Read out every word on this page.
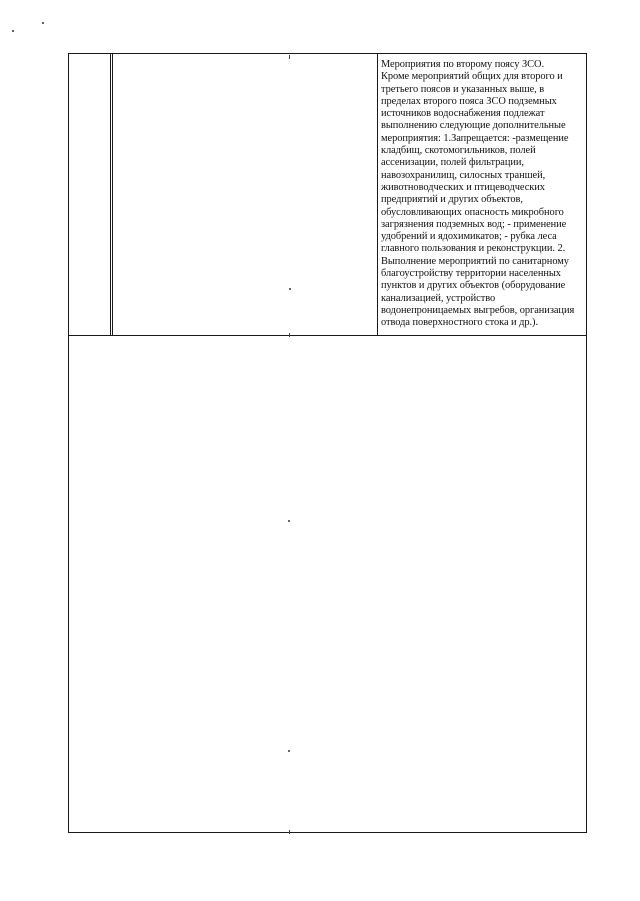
Мероприятия по второму поясу ЗСО.
Кроме мероприятий общих для второго и
третьего поясов и указанных выше, в
пределах второго пояса ЗСО подземных
источников водоснабжения подлежат
выполнению следующие дополнительные
мероприятия: 1.Запрещается: -размещение
кладбищ, скотомогильников, полей
ассенизации, полей фильтрации,
навозохранилищ, силосных траншей,
животноводческих и птицеводческих
предприятий и других объектов,
обусловливающих опасность микробного
загрязнения подземных вод; - применение
удобрений и ядохимикатов; - рубка леса
главного пользования и реконструкции. 2.
Выполнение мероприятий по санитарному
благоустройству территории населенных
пунктов и других объектов (оборудование
канализацией, устройство
водонепроницаемых выгребов, организация
отвода поверхностного стока и др.).
